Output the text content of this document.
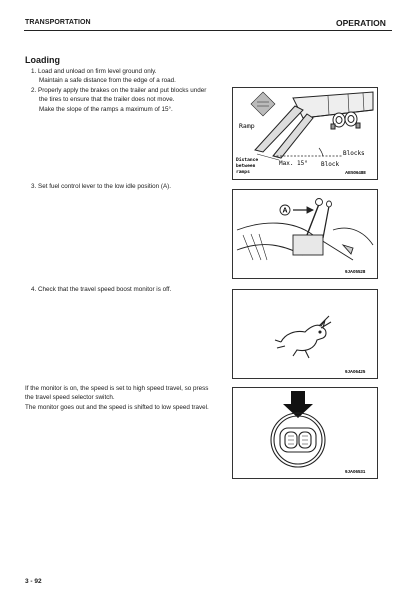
TRANSPORTATION	OPERATION
Loading
1. Load and unload on firm level ground only.
Maintain a safe distance from the edge of a road.
2. Properly apply the brakes on the trailer and put blocks under
the tires to ensure that the trailer does not move.
Make the slope of the ramps a maximum of 15°.
Ramp
Blocks
Block
Max. 15°
Distance
between
ramps	AE506488
3. Set fuel control lever to the low idle position (A).
A
9JA05528
4. Check that the travel speed boost monitor is off.
9JA06425
If the monitor is on, the speed is set to high speed travel, so press
the travel speed selector switch.
The monitor goes out and the speed is shifted to low speed travel.
9JA06531
3 - 92
